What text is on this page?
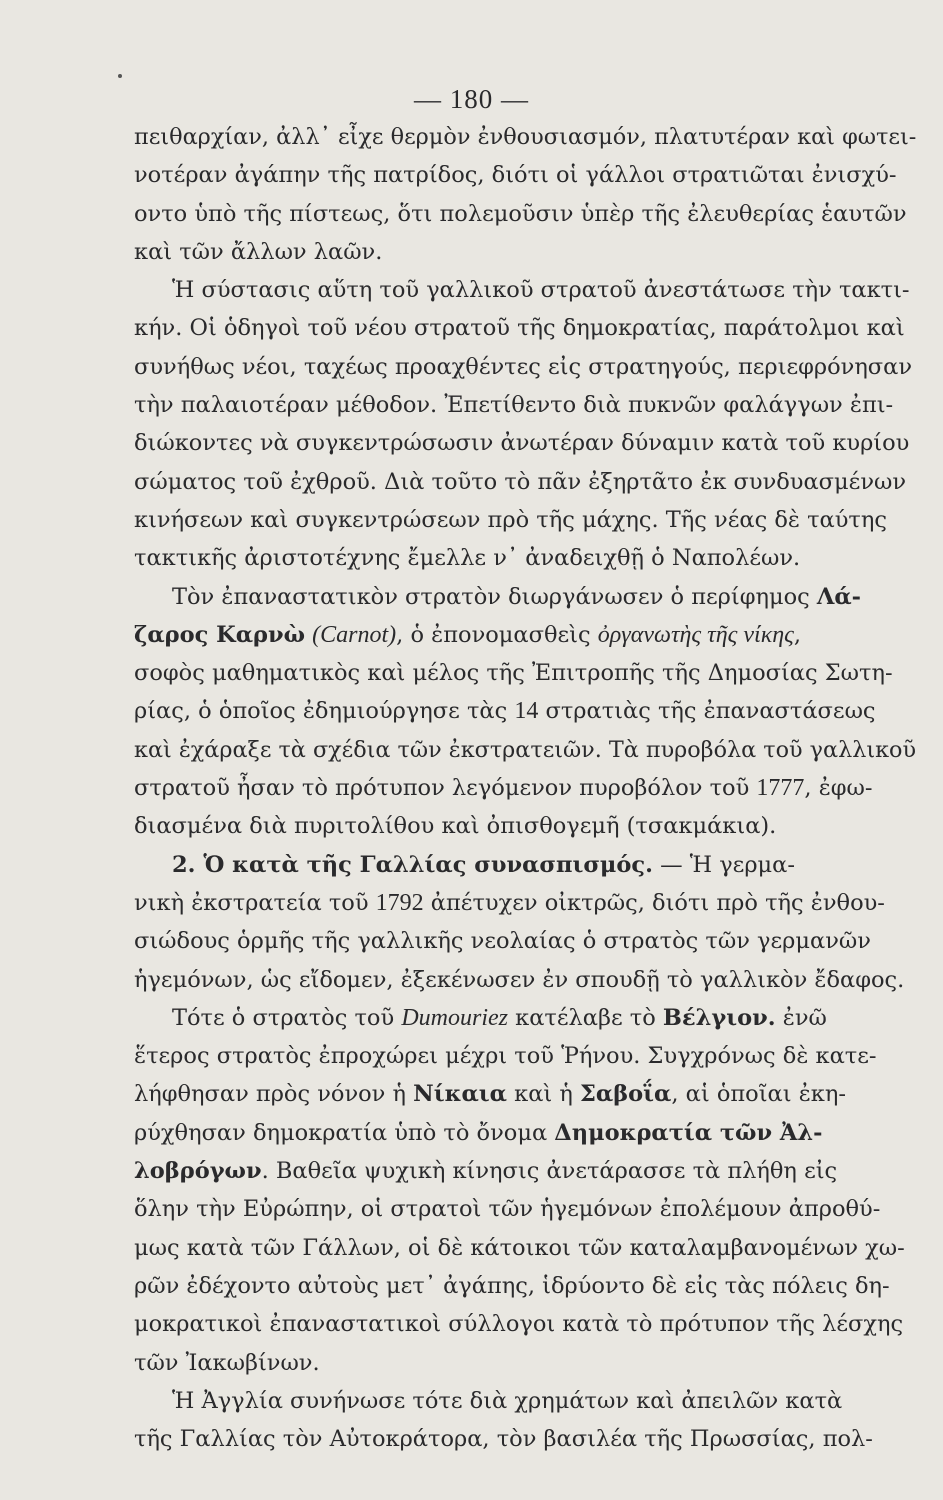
— 180 —
πειθαρχίαν, ἀλλ᾽ εἶχε θερμὸν ἐνθουσιασμόν, πλατυτέραν καὶ φωτει-
νοτέραν ἀγάπην τῆς πατρίδος, διότι οἱ γάλλοι στρατιῶται ἐνισχύ-
οντο ὑπὸ τῆς πίστεως, ὅτι πολεμοῦσιν ὑπὲρ τῆς ἐλευθερίας ἑαυτῶν
καὶ τῶν ἄλλων λαῶν.
Ἡ σύστασις αὕτη τοῦ γαλλικοῦ στρατοῦ ἀνεστάτωσε τὴν τακτι-
κήν. Οἱ ὁδηγοὶ τοῦ νέου στρατοῦ τῆς δημοκρατίας, παράτολμοι καὶ
συνήθως νέοι, ταχέως προαχθέντες εἰς στρατηγούς, περιεφρόνησαν
τὴν παλαιοτέραν μέθοδον. Ἐπετίθεντο διὰ πυκνῶν φαλάγγων ἐπι-
διώκοντες νὰ συγκεντρώσωσιν ἀνωτέραν δύναμιν κατὰ τοῦ κυρίου
σώματος τοῦ ἐχθροῦ. Διὰ τοῦτο τὸ πᾶν ἐξηρτᾶτο ἐκ συνδυασμένων
κινήσεων καὶ συγκεντρώσεων πρὸ τῆς μάχης. Τῆς νέας δὲ ταύτης
τακτικῆς ἀριστοτέχνης ἔμελλε ν᾽ ἀναδειχθῇ ὁ Ναπολέων.
Τὸν ἐπαναστατικὸν στρατὸν διωργάνωσεν ὁ περίφημος Λά-
ζαρος Καρνὼ (Carnot), ὁ ἐπονομασθεὶς ὀργανωτὴς τῆς νίκης,
σοφὸς μαθηματικὸς καὶ μέλος τῆς Ἐπιτροπῆς τῆς Δημοσίας Σωτη-
ρίας, ὁ ὁποῖος ἐδημιούργησε τὰς 14 στρατιὰς τῆς ἐπαναστάσεως
καὶ ἐχάραξε τὰ σχέδια τῶν ἐκστρατειῶν. Τὰ πυροβόλα τοῦ γαλλικοῦ
στρατοῦ ἦσαν τὸ πρότυπον λεγόμενον πυροβόλον τοῦ 1777, ἐφω-
διασμένα διὰ πυριτολίθου καὶ ὀπισθογεμῆ (τσακμάκια).
2. Ὁ κατὰ τῆς Γαλλίας συνασπισμός. — Ἡ γερμα-
νικὴ ἐκστρατεία τοῦ 1792 ἀπέτυχεν οἰκτρῶς, διότι πρὸ τῆς ἐνθου-
σιώδους ὁρμῆς τῆς γαλλικῆς νεολαίας ὁ στρατὸς τῶν γερμανῶν
ἡγεμόνων, ὡς εἴδομεν, ἐξεκένωσεν ἐν σπουδῇ τὸ γαλλικὸν ἔδαφος.
Τότε ὁ στρατὸς τοῦ Dumouriez κατέλαβε τὸ Βέλγιον. ἐνῶ
ἕτερος στρατὸς ἐπροχώρει μέχρι τοῦ Ῥήνου. Συγχρόνως δὲ κατε-
λήφθησαν πρὸς νόνον ἡ Νίκαια καὶ ἡ Σαβοΐα, αἱ ὁποῖαι ἐκη-
ρύχθησαν δημοκρατία ὑπὸ τὸ ὄνομα Δημοκρατία τῶν Ἀλ-
λοβρόγων. Βαθεῖα ψυχικὴ κίνησις ἀνετάρασσε τὰ πλήθη εἰς
ὅλην τὴν Εὐρώπην, οἱ στρατοὶ τῶν ἡγεμόνων ἐπολέμουν ἀπροθύ-
μως κατὰ τῶν Γάλλων, οἱ δὲ κάτοικοι τῶν καταλαμβανομένων χω-
ρῶν ἐδέχοντο αὐτοὺς μετ᾽ ἀγάπης, ἱδρύοντο δὲ εἰς τὰς πόλεις δη-
μοκρατικοὶ ἐπαναστατικοὶ σύλλογοι κατὰ τὸ πρότυπον τῆς λέσχης
τῶν Ἰακωβίνων.
Ἡ Ἀγγλία συνήνωσε τότε διὰ χρημάτων καὶ ἀπειλῶν κατὰ
τῆς Γαλλίας τὸν Αὐτοκράτορα, τὸν βασιλέα τῆς Πρωσσίας, πολ-
